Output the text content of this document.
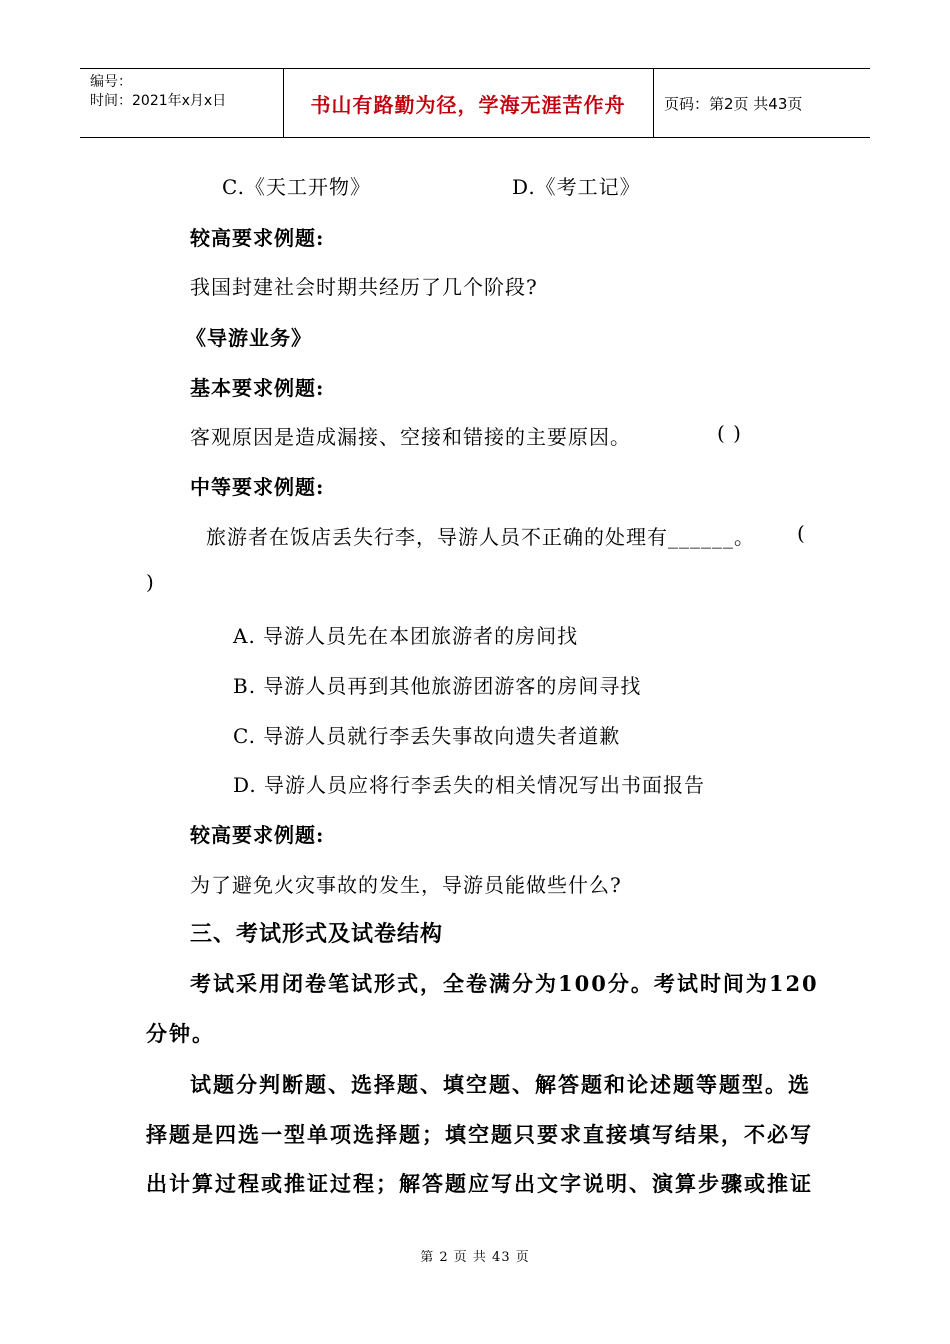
编号：
时间：2021年x月x日	书山有路勤为径，学海无涯苦作舟	页码：第2页 共43页
C.《天工开物》	D.《考工记》
较高要求例题:
我国封建社会时期共经历了几个阶段?
《导游业务》
基本要求例题:
客观原因是造成漏接、空接和错接的主要原因。	( )
中等要求例题:
旅游者在饭店丢失行李，导游人员不正确的处理有______。 (
)
A. 导游人员先在本团旅游者的房间找
B. 导游人员再到其他旅游团游客的房间寻找
C. 导游人员就行李丢失事故向遗失者道歉
D. 导游人员应将行李丢失的相关情况写出书面报告
较高要求例题:
为了避免火灾事故的发生，导游员能做些什么?
三、考试形式及试卷结构
考试采用闭卷笔试形式，全卷满分为100分。考试时间为120
分钟。
试题分判断题、选择题、填空题、解答题和论述题等题型。选
择题是四选一型单项选择题；填空题只要求直接填写结果，不必写
出计算过程或推证过程；解答题应写出文字说明、演算步骤或推证
第 2 页 共 43 页
